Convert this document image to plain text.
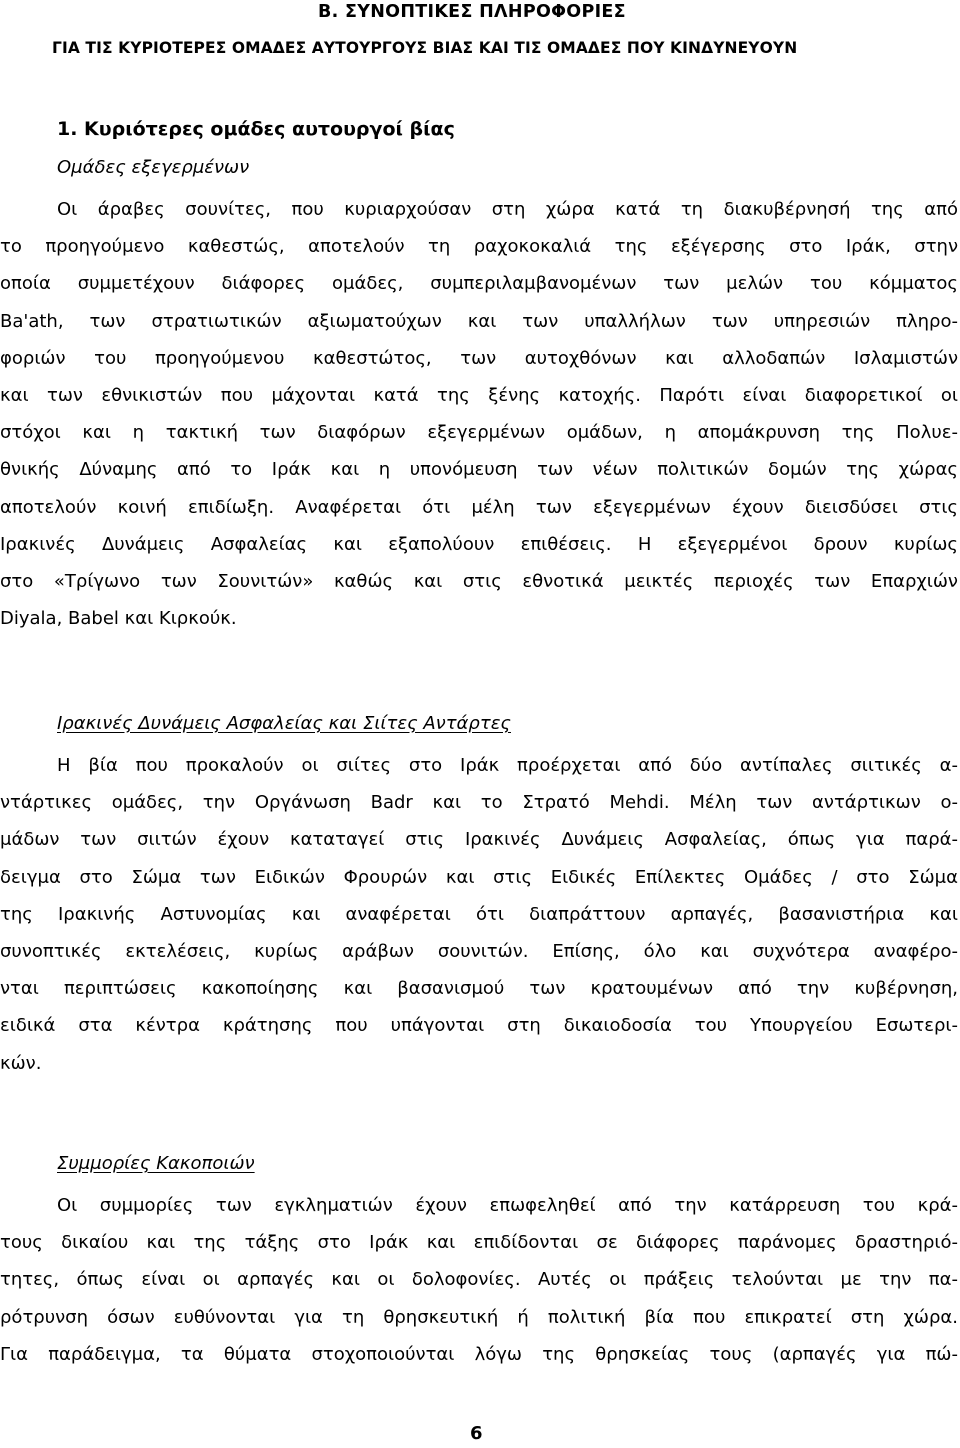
Β. ΣΥΝΟΠΤΙΚΕΣ ΠΛΗΡΟΦΟΡΙΕΣ
ΓΙΑ ΤΙΣ ΚΥΡΙΟΤΕΡΕΣ ΟΜΑΔΕΣ ΑΥΤΟΥΡΓΟΥΣ ΒΙΑΣ ΚΑΙ ΤΙΣ ΟΜΑΔΕΣ ΠΟΥ ΚΙΝΔΥΝΕΥΟΥΝ
1. Κυριότερες ομάδες αυτουργοί βίας
Ομάδες εξεγερμένων
Οι άραβες σουνίτες, που κυριαρχούσαν στη χώρα κατά τη διακυβέρνησή της από
το προηγούμενο καθεστώς, αποτελούν τη ραχοκοκαλιά της εξέγερσης στο Ιράκ, στην
οποία συμμετέχουν διάφορες ομάδες, συμπεριλαμβανομένων των μελών του κόμματος
Ba'ath, των στρατιωτικών αξιωματούχων και των υπαλλήλων των υπηρεσιών πληρο-
φοριών του προηγούμενου καθεστώτος, των αυτοχθόνων και αλλοδαπών Ισλαμιστών
και των εθνικιστών που μάχονται κατά της ξένης κατοχής. Παρότι είναι διαφορετικοί οι
στόχοι και η τακτική των διαφόρων εξεγερμένων ομάδων, η απομάκρυνση της Πολυε-
θνικής Δύναμης από το Ιράκ και η υπονόμευση των νέων πολιτικών δομών της χώρας
αποτελούν κοινή επιδίωξη. Αναφέρεται ότι μέλη των εξεγερμένων έχουν διεισδύσει στις
Ιρακινές Δυνάμεις Ασφαλείας και εξαπολύουν επιθέσεις. Η εξεγερμένοι δρουν κυρίως
στο «Τρίγωνο των Σουνιτών» καθώς και στις εθνοτικά μεικτές περιοχές των Επαρχιών
Diyala, Babel και Κιρκούκ.
Ιρακινές Δυνάμεις Ασφαλείας και Σιίτες Αντάρτες
Η βία που προκαλούν οι σιίτες στο Ιράκ προέρχεται από δύο αντίπαλες σιιτικές α-
ντάρτικες ομάδες, την Οργάνωση Badr και το Στρατό Mehdi. Μέλη των αντάρτικων ο-
μάδων των σιιτών έχουν καταταγεί στις Ιρακινές Δυνάμεις Ασφαλείας, όπως για παρά-
δειγμα στο Σώμα των Ειδικών Φρουρών και στις Ειδικές Επίλεκτες Ομάδες / στο Σώμα
της Ιρακινής Αστυνομίας και αναφέρεται ότι διαπράττουν αρπαγές, βασανιστήρια και
συνοπτικές εκτελέσεις, κυρίως αράβων σουνιτών. Επίσης, όλο και συχνότερα αναφέρο-
νται περιπτώσεις κακοποίησης και βασανισμού των κρατουμένων από την κυβέρνηση,
ειδικά στα κέντρα κράτησης που υπάγονται στη δικαιοδοσία του Υπουργείου Εσωτερι-
κών.
Συμμορίες Κακοποιών
Οι συμμορίες των εγκληματιών έχουν επωφεληθεί από την κατάρρευση του κρά-
τους δικαίου και της τάξης στο Ιράκ και επιδίδονται σε διάφορες παράνομες δραστηριό-
τητες, όπως είναι οι αρπαγές και οι δολοφονίες. Αυτές οι πράξεις τελούνται με την πα-
ρότρυνση όσων ευθύνονται για τη θρησκευτική ή πολιτική βία που επικρατεί στη χώρα.
Για παράδειγμα, τα θύματα στοχοποιούνται λόγω της θρησκείας τους (αρπαγές για πώ-
6
